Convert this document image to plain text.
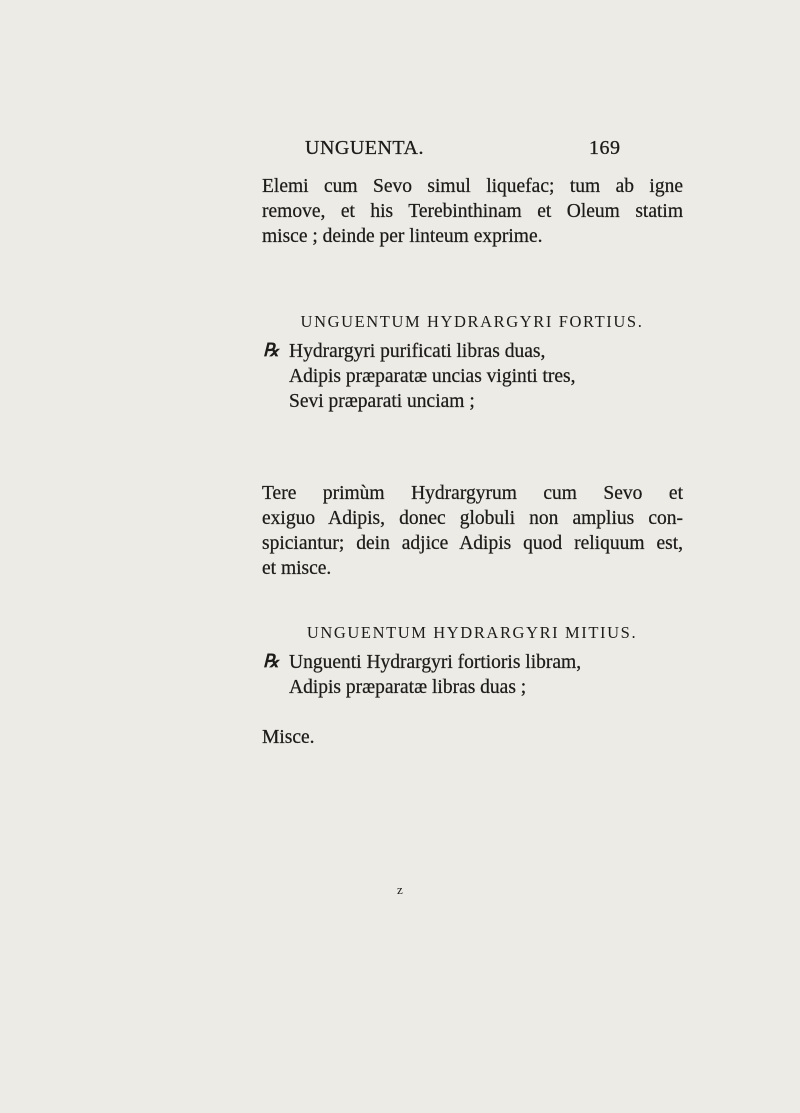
UNGUENTA.	169
Elemi cum Sevo simul liquefac; tum ab igne
remove, et his Terebinthinam et Oleum statim
misce ; deinde per linteum exprime.
UNGUENTUM HYDRARGYRI FORTIUS.
℞ Hydrargyri purificati libras duas,
Adipis præparatæ uncias viginti tres,
Sevi præparati unciam ;
Tere primùm Hydrargyrum cum Sevo et
exiguo Adipis, donec globuli non amplius con-
spiciantur; dein adjice Adipis quod reliquum est,
et misce.
UNGUENTUM HYDRARGYRI MITIUS.
℞ Unguenti Hydrargyri fortioris libram,
Adipis præparatæ libras duas ;
Misce.
z
